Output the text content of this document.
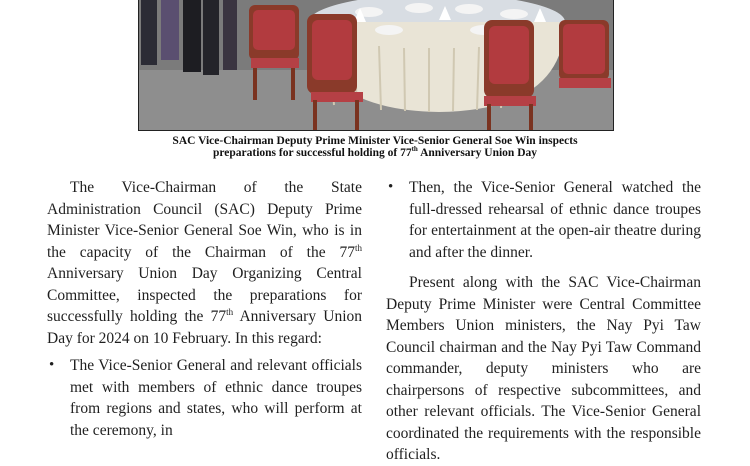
SAC Vice-Chairman Deputy Prime Minister Vice-Senior General Soe Win inspects
preparations for successful holding of 77th Anniversary Union Day

The Vice-Chairman of the State Administration Council (SAC) Deputy Prime Minister Vice-Senior General Soe Win, who is in the capacity of the Chairman of the 77th Anniversary Union Day Organizing Central Committee, inspected the preparations for successfully holding the 77th Anniversary Union Day for 2024 on 10 February. In this regard:

• The Vice-Senior General and relevant officials met with members of ethnic dance troupes from regions and states, who will perform at the ceremony, in
• Then, the Vice-Senior General watched the full-dressed rehearsal of ethnic dance troupes for entertainment at the open-air theatre during and after the dinner.

Present along with the SAC Vice-Chairman Deputy Prime Minister were Central Committee Members Union ministers, the Nay Pyi Taw Council chairman and the Nay Pyi Taw Command commander, deputy ministers who are chairpersons of respective subcommittees, and other relevant officials. The Vice-Senior General coordinated the requirements with the responsible officials.
